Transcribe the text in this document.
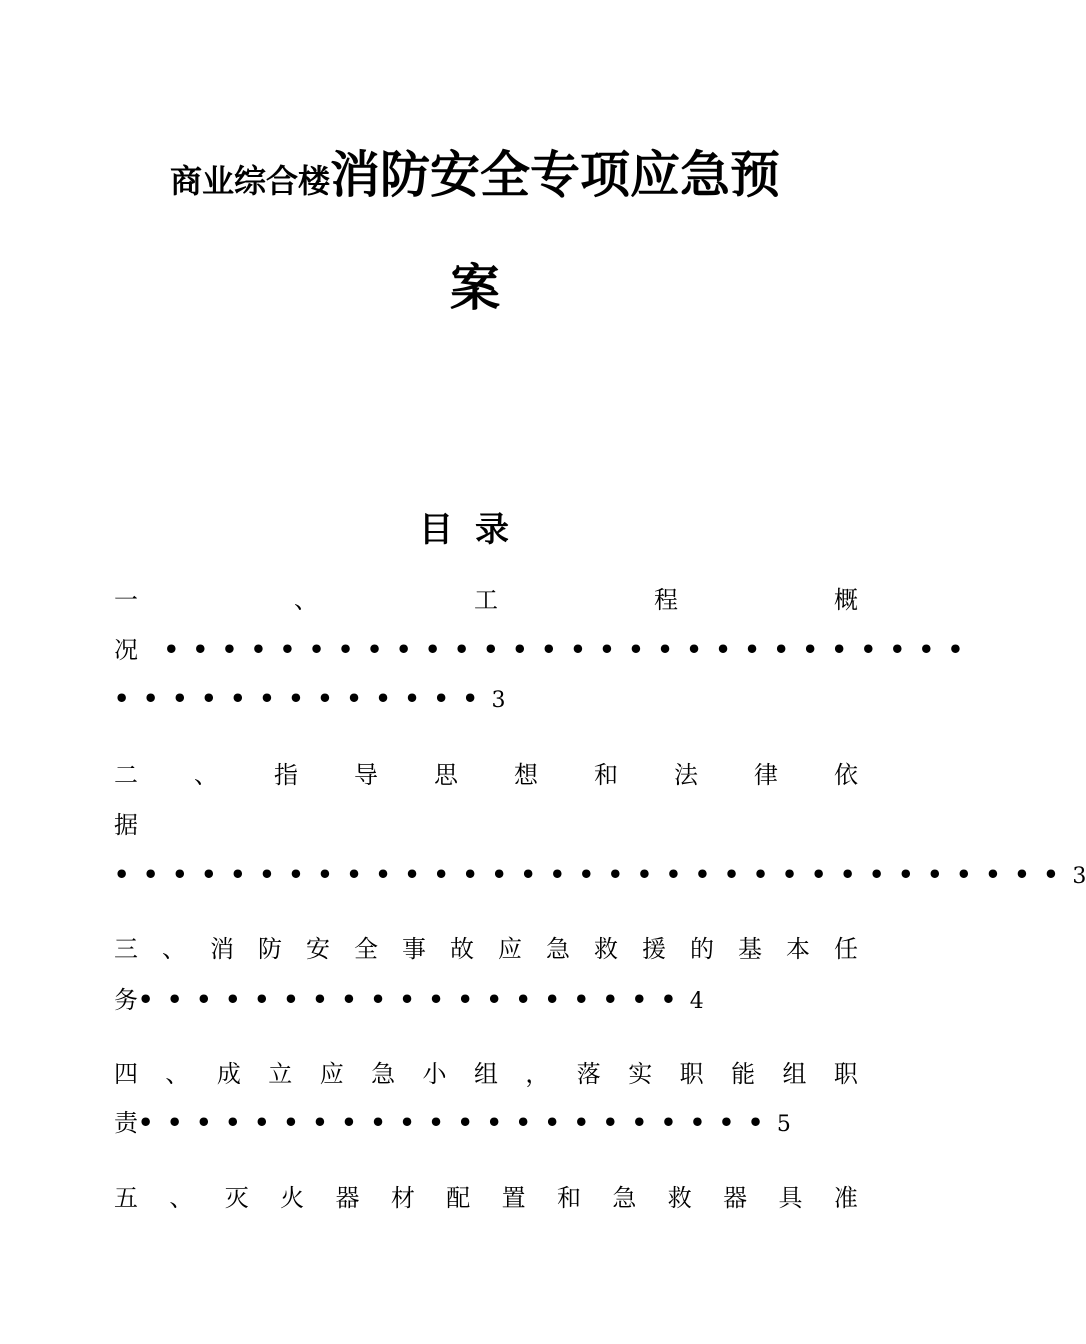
商业综合楼消防安全专项应急预
案
目录
一	、	工	程	概
况 ••••••••••••••••••••••••••••
•••••••••••••3
二 、 指 导 思 想 和 法 律 依
据
•••••••••••••••••••••••••••••••••3
三 、 消 防 安 全 事 故 应 急 救 援 的 基 本 任
务•••••••••••••••••••4
四 、 成 立 应 急 小 组 ， 落 实 职 能 组 职
责••••••••••••••••••••••5
五 、 灭 火 器 材 配 置 和 急 救 器 具 准
